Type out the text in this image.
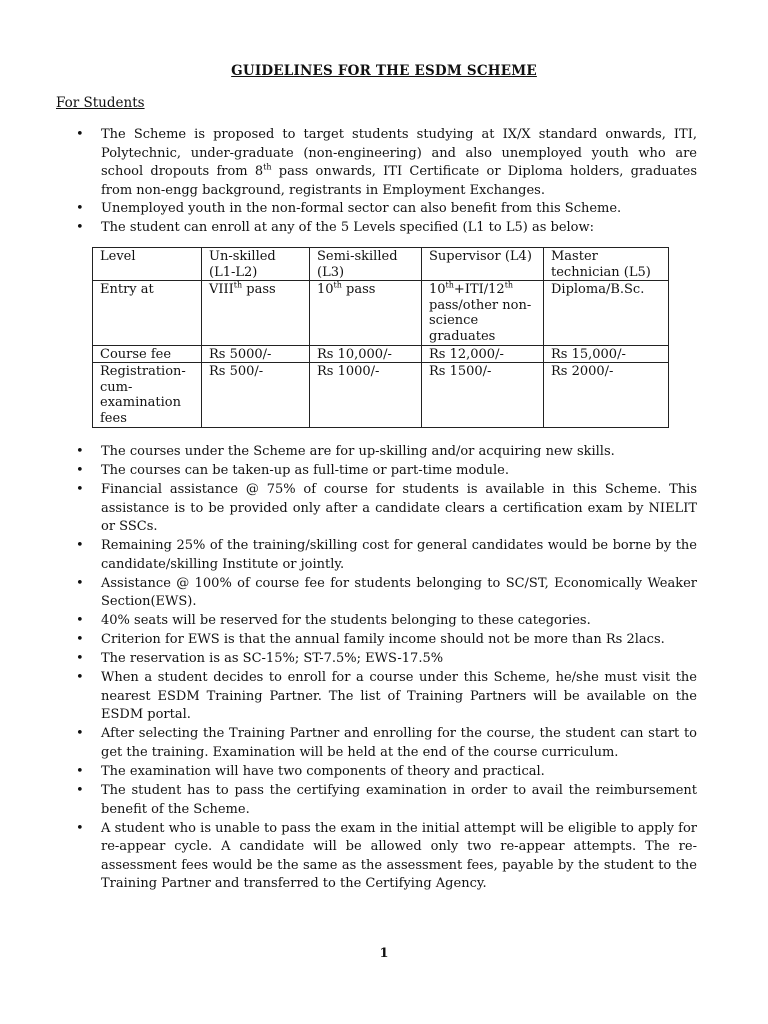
GUIDELINES FOR THE ESDM SCHEME
For Students
• The Scheme is proposed to target students studying at IX/X standard onwards, ITI, Polytechnic, under-graduate (non-engineering) and also unemployed youth who are school dropouts from 8th pass onwards, ITI Certificate or Diploma holders, graduates from non-engg background, registrants in Employment Exchanges.
• Unemployed youth in the non-formal sector can also benefit from this Scheme.
• The student can enroll at any of the 5 Levels specified (L1 to L5) as below:
Level	Un-skilled (L1-L2)	Semi-skilled (L3)	Supervisor (L4)	Master technician (L5)
Entry at	VIIIth pass	10th pass	10th+ITI/12th pass/other non-science graduates	Diploma/B.Sc.
Course fee	Rs 5000/-	Rs 10,000/-	Rs 12,000/-	Rs 15,000/-
Registration-cum-examination fees	Rs 500/-	Rs 1000/-	Rs 1500/-	Rs 2000/-
• The courses under the Scheme are for up-skilling and/or acquiring new skills.
• The courses can be taken-up as full-time or part-time module.
• Financial assistance @ 75% of course for students is available in this Scheme. This assistance is to be provided only after a candidate clears a certification exam by NIELIT or SSCs.
• Remaining 25% of the training/skilling cost for general candidates would be borne by the candidate/skilling Institute or jointly.
• Assistance @ 100% of course fee for students belonging to SC/ST, Economically Weaker Section(EWS).
• 40% seats will be reserved for the students belonging to these categories.
• Criterion for EWS is that the annual family income should not be more than Rs 2lacs.
• The reservation is as SC-15%; ST-7.5%; EWS-17.5%
• When a student decides to enroll for a course under this Scheme, he/she must visit the nearest ESDM Training Partner. The list of Training Partners will be available on the ESDM portal.
• After selecting the Training Partner and enrolling for the course, the student can start to get the training. Examination will be held at the end of the course curriculum.
• The examination will have two components of theory and practical.
• The student has to pass the certifying examination in order to avail the reimbursement benefit of the Scheme.
• A student who is unable to pass the exam in the initial attempt will be eligible to apply for re-appear cycle. A candidate will be allowed only two re-appear attempts. The re-assessment fees would be the same as the assessment fees, payable by the student to the Training Partner and transferred to the Certifying Agency.
1
